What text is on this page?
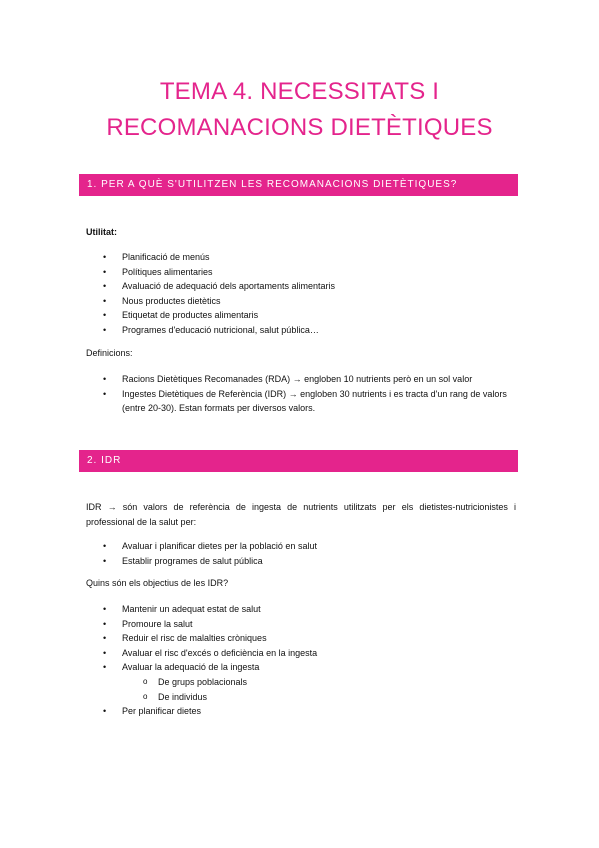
TEMA 4. NECESSITATS I
RECOMANACIONS DIETÈTIQUES
1. PER A QUÈ S'UTILITZEN LES RECOMANACIONS DIETÈTIQUES?
Utilitat:
• Planificació de menús
• Polítiques alimentaries
• Avaluació de adequació dels aportaments alimentaris
• Nous productes dietètics
• Etiquetat de productes alimentaris
• Programes d'educació nutricional, salut pública…
Definicions:
• Racions Dietètiques Recomanades (RDA) → engloben 10 nutrients però en un sol valor
• Ingestes Dietètiques de Referència (IDR) → engloben 30 nutrients i es tracta d'un rang de valors (entre 20-30). Estan formats per diversos valors.
2. IDR
IDR → són valors de referència de ingesta de nutrients utilitzats per els dietistes-nutricionistes i professional de la salut per:
• Avaluar i planificar dietes per la població en salut
• Establir programes de salut pública
Quins són els objectius de les IDR?
• Mantenir un adequat estat de salut
• Promoure la salut
• Reduir el risc de malalties cròniques
• Avaluar el risc d'excés o deficiència en la ingesta
• Avaluar la adequació de la ingesta
o De grups poblacionals
o De individus
• Per planificar dietes
